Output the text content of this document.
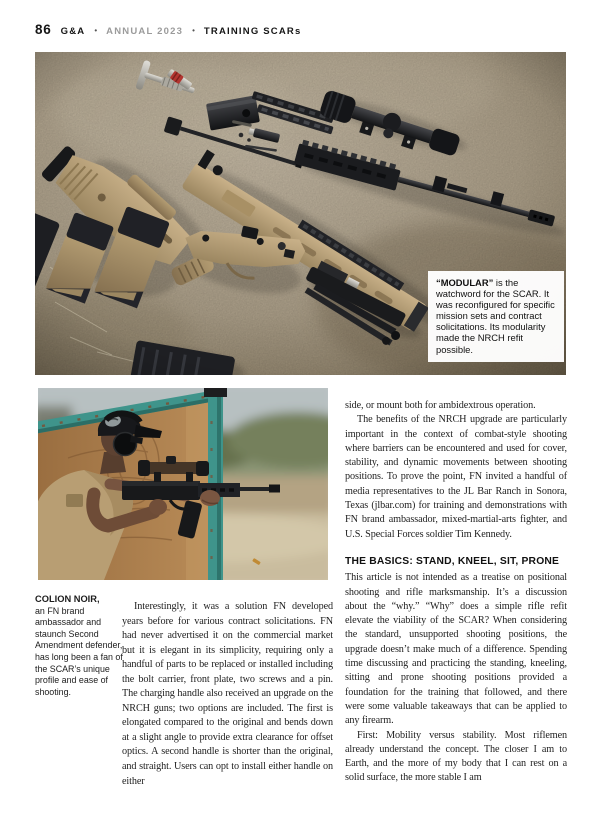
86 G&A • ANNUAL 2023 • TRAINING SCARs
“MODULAR” is the watchword for the SCAR. It was reconfigured for specific mission sets and contract solicitations. Its modularity made the NRCH refit possible.
COLION NOIR,
an FN brand ambassador and staunch Second Amendment defender, has long been a fan of the SCAR’s unique profile and ease of shooting.

Interestingly, it was a solution FN developed years before for various contract solicitations. FN had never advertised it on the commercial market but it is elegant in its simplicity, requiring only a handful of parts to be replaced or installed including the bolt carrier, front plate, two screws and a pin. The charging handle also received an upgrade on the NRCH guns; two options are included. The first is elongated compared to the original and bends down at a slight angle to provide extra clearance for offset optics. A second handle is shorter than the original, and straight. Users can opt to install either handle on either

side, or mount both for ambidextrous operation.

The benefits of the NRCH upgrade are particularly important in the context of combat-style shooting where barriers can be encountered and used for cover, stability, and dynamic movements between shooting positions. To prove the point, FN invited a handful of media representatives to the JL Bar Ranch in Sonora, Texas (jlbar.com) for training and demonstrations with FN brand ambassador, mixed-martial-arts fighter, and U.S. Special Forces soldier Tim Kennedy.

THE BASICS: STAND, KNEEL, SIT, PRONE

This article is not intended as a treatise on positional shooting and rifle marksmanship. It’s a discussion about the “why.” “Why” does a simple rifle refit elevate the viability of the SCAR? When considering the standard, unsupported shooting positions, the upgrade doesn’t make much of a difference. Spending time discussing and practicing the standing, kneeling, sitting and prone shooting positions provided a foundation for the training that followed, and there were some valuable takeaways that can be applied to any firearm.

First: Mobility versus stability. Most riflemen already understand the concept. The closer I am to Earth, and the more of my body that I can rest on a solid surface, the more stable I am
